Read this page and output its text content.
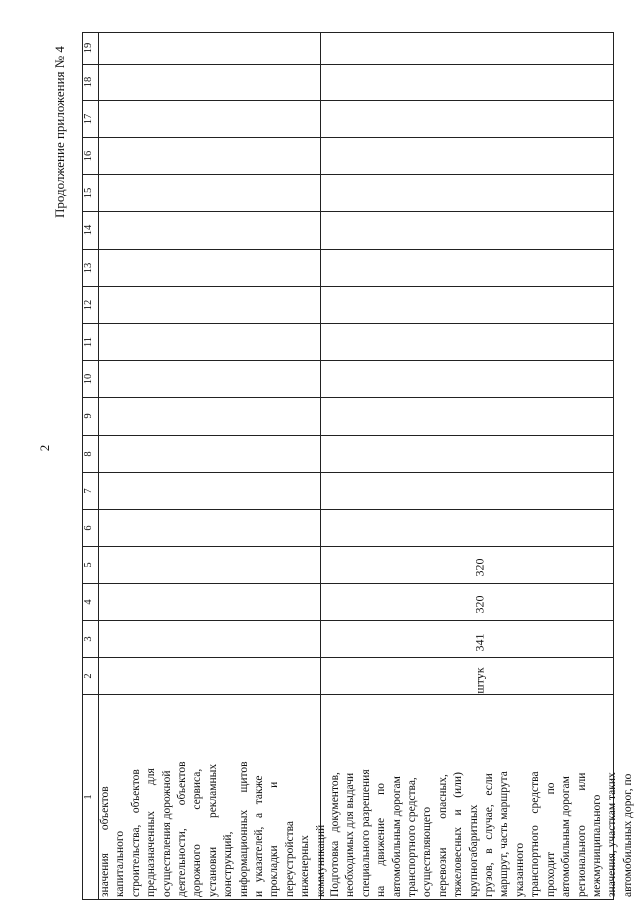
2
Продолжение приложения № 4 19
18
17
16
15
14
13
12
11
10
9
8
7
6
5
4
3
2
1
значения        объектов
капитального
строительства,    объектов
предназначенных         для
осуществления дорожной
деятельности,        объектов
дорожного            сервиса,
установки          рекламных
конструкций,
информационных      щитов
и   указателей,   а   также
прокладки                    и
переустройства
инженерных
коммуникаций Подготовка   документов,
необходимых для выдачи
специального разрешения
на       движение        по
автомобильным дорогам
транспортного средства,
осуществляющего
перевозки          опасных,
тяжеловесных    и    (или)
крупногабаритных
грузов,   в   случае,   если
маршрут, часть маршрута
указанного
транспортного    средства
проходит                    по
автомобильным дорогам
регионального            или
межмуниципального
значения, участкам таких
автомобильных дорог, по
штук
341
320
320
